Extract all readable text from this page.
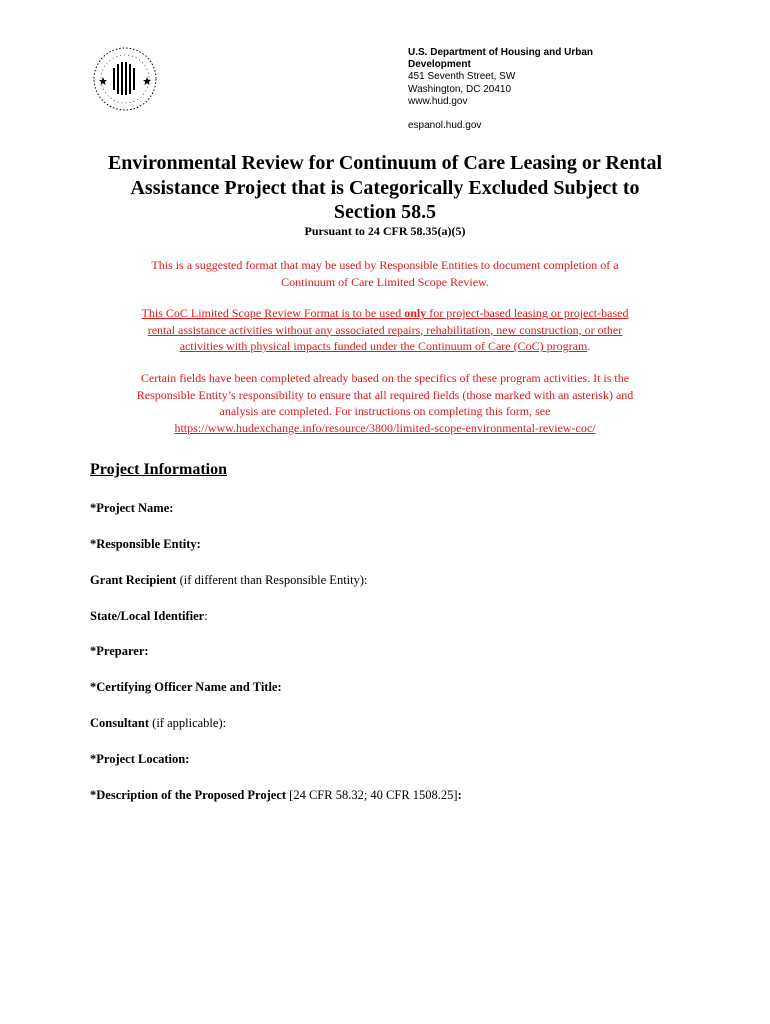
U.S. Department of Housing and Urban
Development
451 Seventh Street, SW
Washington, DC 20410
www.hud.gov
espanol.hud.gov
Environmental Review for Continuum of Care Leasing or Rental
Assistance Project that is Categorically Excluded Subject to
Section 58.5
Pursuant to 24 CFR 58.35(a)(5)
This is a suggested format that may be used by Responsible Entities to document completion of a
Continuum of Care Limited Scope Review.
This CoC Limited Scope Review Format is to be used only for project-based leasing or project-based
rental assistance activities without any associated repairs, rehabilitation, new construction, or other
activities with physical impacts funded under the Continuum of Care (CoC) program.
Certain fields have been completed already based on the specifics of these program activities. It is the
Responsible Entity’s responsibility to ensure that all required fields (those marked with an asterisk) and
analysis are completed. For instructions on completing this form, see
https://www.hudexchange.info/resource/3800/limited-scope-environmental-review-coc/
Project Information
*Project Name:
*Responsible Entity:
Grant Recipient (if different than Responsible Entity):
State/Local Identifier:
*Preparer:
*Certifying Officer Name and Title:
Consultant (if applicable):
*Project Location:
*Description of the Proposed Project [24 CFR 58.32; 40 CFR 1508.25]:
